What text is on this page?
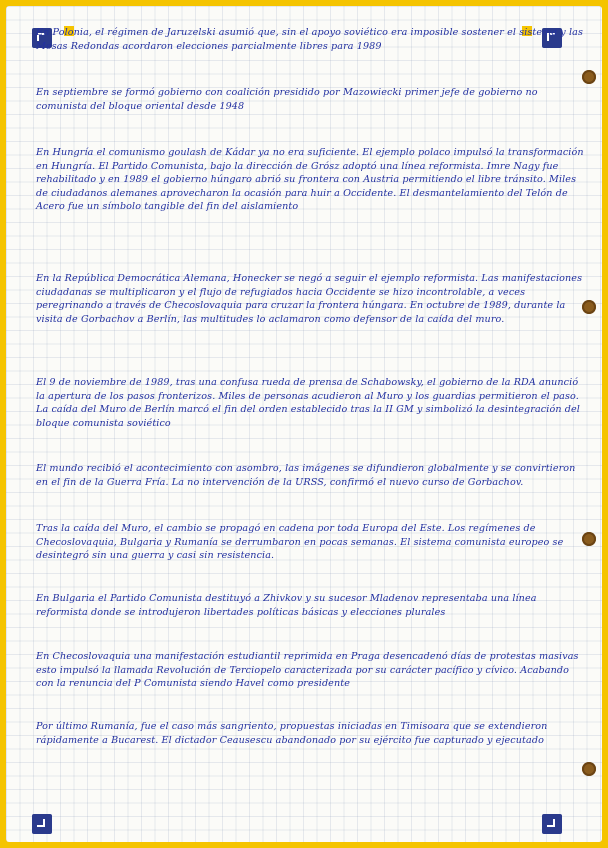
En Polonia, el régimen de Jaruzelski asumió que, sin el apoyo soviético era imposible sostener el sistema y las Mesas Redondas acordaron elecciones parcialmente libres para 1989

En septiembre se formó gobierno con coalición presidido por Mazowiecki primer jefe de gobierno no comunista del bloque oriental desde 1948

En Hungría el comunismo goulash de Kádar ya no era suficiente. El ejemplo polaco impulsó la transformación en Hungría. El Partido Comunista, bajo la dirección de Grósz adoptó una línea reformista. Imre Nagy fue rehabilitado y en 1989 el gobierno húngaro abrió su frontera con Austria permitiendo el libre tránsito. Miles de ciudadanos alemanes aprovecharon la ocasión para huir a Occidente. El desmantelamiento del Telón de Acero fue un símbolo tangible del fin del aislamiento

En la República Democrática Alemana, Honecker se negó a seguir el ejemplo reformista. Las manifestaciones ciudadanas se multiplicaron y el flujo de refugiados hacia Occidente se hizo incontrolable, a veces peregrinando a través de Checoslovaquia para cruzar la frontera húngara. En octubre de 1989, durante la visita de Gorbachov a Berlín, las multitudes lo aclamaron como defensor de la caída del muro.

El 9 de noviembre de 1989, tras una confusa rueda de prensa de Schabowsky, el gobierno de la RDA anunció la apertura de los pasos fronterizos. Miles de personas acudieron al Muro y los guardias permitieron el paso. La caída del Muro de Berlín marcó el fin del orden establecido tras la II GM y simbolizó la desintegración del bloque comunista soviético

El mundo recibió el acontecimiento con asombro, las imágenes se difundieron globalmente y se convirtieron en el fin de la Guerra Fría. La no intervención de la URSS, confirmó el nuevo curso de Gorbachov.

Tras la caída del Muro, el cambio se propagó en cadena por toda Europa del Este. Los regímenes de Checoslovaquia, Bulgaria y Rumanía se derrumbaron en pocas semanas. El sistema comunista europeo se desintegró sin una guerra y casi sin resistencia.

En Bulgaria el Partido Comunista destituyó a Zhivkov y su sucesor Mladenov representaba una línea reformista donde se introdujeron libertades políticas básicas y elecciones plurales

En Checoslovaquia una manifestación estudiantil reprimida en Praga desencadenó días de protestas masivas esto impulsó la llamada Revolución de Terciopelo caracterizada por su carácter pacífico y cívico. Acabando con la renuncia del P Comunista siendo Havel como presidente

Por último Rumanía, fue el caso más sangriento, propuestas iniciadas en Timisoara que se extendieron rápidamente a Bucarest. El dictador Ceausescu abandonado por su ejército fue capturado y ejecutado
